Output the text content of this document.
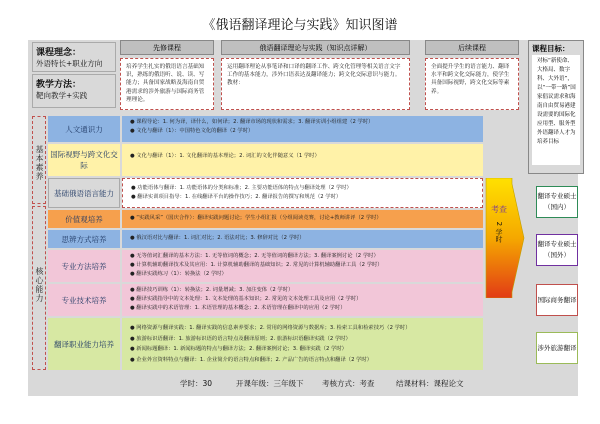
《俄语翻译理论与实践》知识图谱
课程理念：
外语特长+职业方向
教学方法：
靶向教学+实践
先修课程	俄语翻译理论与实践（知识点详解）	后续课程
培养学生扎实的俄语语言基础知识，熟练的俄语听、说、读、写能力；具备国家战略及海南自贸港需求的涉外旅游与国际商务管理理论。
运用翻译理论从事笔译和口译的翻译工作、跨文化管理等相关语言文字工作的基本能力，涉外口语表达及翻译能力；跨文化交际意识与能力。
教材：
全面提升学生的语言能力、翻译水平和跨文化交际能力，使学生具备国际视野，跨文化交际等素养。
课程目标：
对标“新使命、大格局、数字科、大外语”，以“一带一路”国家倡议需求和海南自由贸易港建设需要的国际化应用型、服务型外语翻译人才为培养目标
基本素养
核心能力
人文通识力
● 课程导论：1. 何为译，译什么，如何译；2. 翻译市场的现状和需求；3. 翻译实训小组组建（2 学时）
● 文化与翻译（1）：中国特色文化的翻译（2 学时）
国际视野与跨文化交际
● 文化与翻译（1）：1. 文化翻译的基本理论；2. 词汇的文化伴随意义（1 学时）
基础俄语语言能力
● 功能语体与翻译：1. 功能语体的分类和标准；2. 主要功能语体的特点与翻译处理（2 学时）
● 翻译实训项目指导：1. 在线翻译平台的操作技巧；2. 翻译报告的撰写和规范（2 学时）
价值观培养	● “实践风采”（国庆合作）：翻译实践问题讨论；学生小组汇报（分组阅读竞赛，讨论+教师讲评（2 学时）
思辨方式培养	● 俄汉语对比与翻译：1. 词汇对比；2. 语法对比；3. 修辞对比（2 学时）
专业方法培养
● 无等值词汇翻译的基本方法：1. 无等值词的概念；2. 无等值词的翻译方法；3. 翻译案例讨论（2 学时）
● 计算机辅助翻译技术及其应用：1. 计算机辅助翻译的基础知识；2. 常见的计算机辅助翻译工具（2 学时）
● 翻译实践练习（1）：转换法（2 学时）
专业技术培养
● 翻译技巧训练（1）：转换法；2. 词量增减；3. 加注变体（2 学时）
● 翻译实践指导中的文本处理：1. 文本处理的基本知识；2. 常见的文本处理工具及应用（2 学时）
● 翻译实践中的术语管理：1. 术语管理的基本概念；2. 术语管理在翻译中的应用（2 学时）
翻译职业能力培养
● 网络资源与翻译实践：1. 翻译实践的信息素养要求；2. 常用的网络资源与数据库；3. 检索工具和检索技巧（2 学时）
● 旅游标识语翻译：1. 旅游标识语的语言特点及翻译原则；2. 旅游标识语翻译实践（2 学时）
● 新闻标题翻译：1. 新闻标题的特点与翻译方法；2. 翻译案例讨论；3. 翻译实践（2 学时）
● 企业外宣资料特点与翻译：1. 企业简介的语言特点和翻译；2. 产品广告的语言特点和翻译（2 学时）
考查
2 学时
翻译专业硕士（国内）
翻译专业硕士（国外）
国际商务翻译
涉外旅游翻译
学时：30	开课年级：三年级下 考核方式：考查	结课材料：课程论文
